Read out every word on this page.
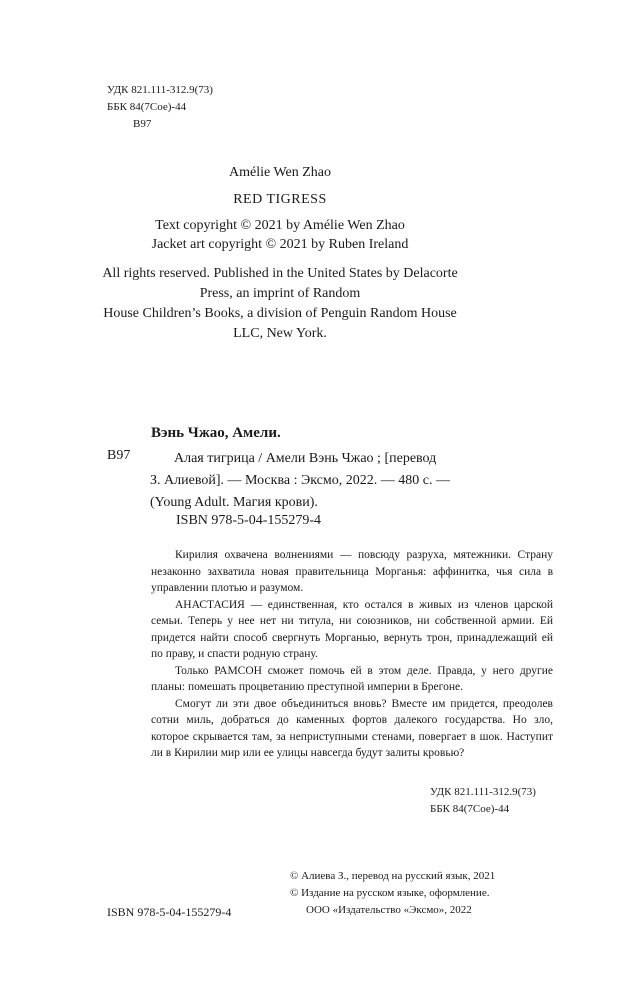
УДК 821.111-312.9(73)
ББК 84(7Сое)-44
В97
Amélie Wen Zhao
RED TIGRESS
Text copyright © 2021 by Amélie Wen Zhao
Jacket art copyright © 2021 by Ruben Ireland
All rights reserved. Published in the United States by Delacorte
Press, an imprint of Random
House Children’s Books, a division of Penguin Random House
LLC, New York.
Вэнь Чжао, Амели.
В97	Алая тигрица / Амели Вэнь Чжао ; [перевод
З. Алиевой]. — Москва : Эксмо, 2022. — 480 с. —
(Young Adult. Магия крови).
ISBN 978-5-04-155279-4

Кирилия охвачена волнениями — повсюду разруха, мятежники. Страну незаконно захватила новая правительница Морганья: аффинитка, чья сила в управлении плотью и разумом.

АНАСТАСИЯ — единственная, кто остался в живых из членов царской семьи. Теперь у нее нет ни титула, ни союзников, ни собственной армии. Ей придется найти способ свергнуть Морганью, вернуть трон, принадлежащий ей по праву, и спасти родную страну.

Только РАМСОН сможет помочь ей в этом деле. Правда, у него другие планы: помешать процветанию преступной империи в Брегоне.

Смогут ли эти двое объединиться вновь? Вместе им придется, преодолев сотни миль, добраться до каменных фортов далекого государства. Но зло, которое скрывается там, за неприступными стенами, повергает в шок. Наступит ли в Кирилии мир или ее улицы навсегда будут залиты кровью?

УДК 821.111-312.9(73)
ББК 84(7Сое)-44
ISBN 978-5-04-155279-4
© Алиева З., перевод на русский язык, 2021
© Издание на русском языке, оформление.
ООО «Издательство «Эксмо», 2022
